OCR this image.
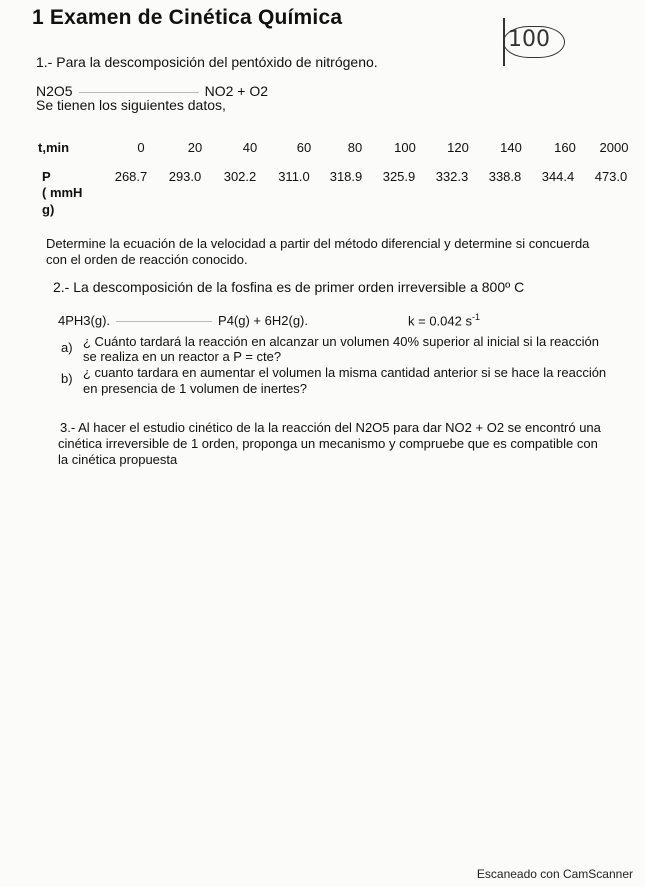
1 Examen de Cinética Química
100
1.- Para la descomposición del pentóxido de nitrógeno.
N2O5	NO2 + O2
Se tienen los siguientes datos,
t,min	0	20	40	60	80	100	120	140	160	2000
P
( mmH
g)
268.7	293.0	302.2	311.0	318.9	325.9	332.3	338.8	344.4	473.0
Determine la ecuación de la velocidad a partir del método diferencial y determine si concuerda
con el orden de reacción conocido.
2.- La descomposición de la fosfina es de primer orden irreversible a 800º C
4PH3(g).	P4(g) + 6H2(g).	k = 0.042 $s^{-1}$
a) ¿ Cuánto tardará la reacción en alcanzar un volumen 40% superior al inicial si la reacción
se realiza en un reactor a P = cte?
b) ¿ cuanto tardara en aumentar el volumen la misma cantidad anterior si se hace la reacción
en presencia de 1 volumen de inertes?
3.- Al hacer el estudio cinético de la la reacción del N2O5 para dar NO2 + O2 se encontró una
cinética irreversible de 1 orden, proponga un mecanismo y compruebe que es compatible con
la cinética propuesta
Escaneado con CamScanner
